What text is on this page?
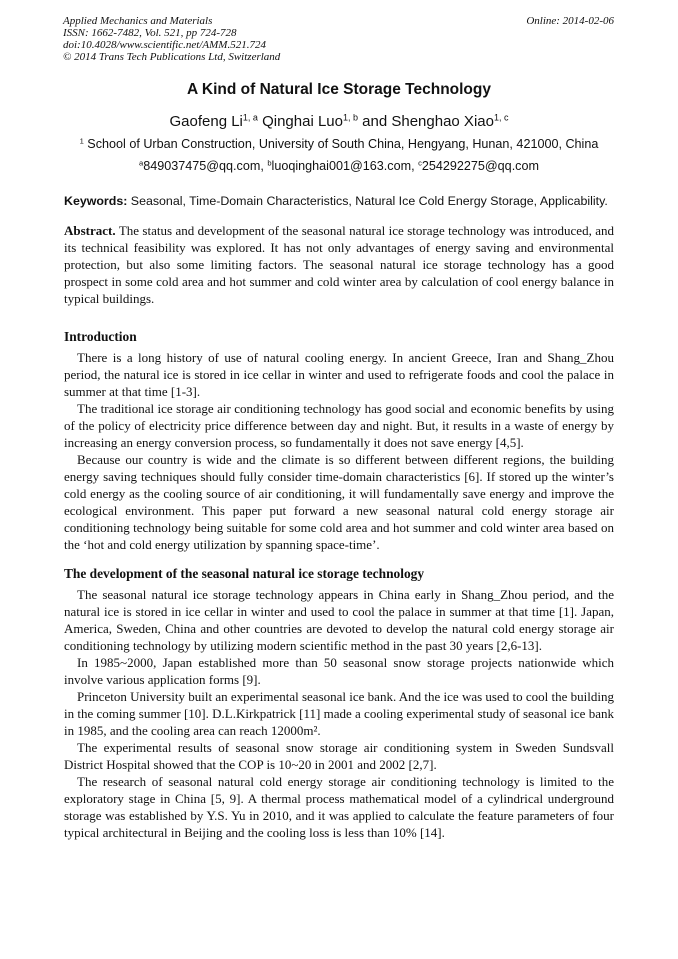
Applied Mechanics and Materials
ISSN: 1662-7482, Vol. 521, pp 724-728
doi:10.4028/www.scientific.net/AMM.521.724
© 2014 Trans Tech Publications Ltd, Switzerland
Online: 2014-02-06
A Kind of Natural Ice Storage Technology
Gaofeng Li$^{1, a}$ Qinghai Luo$^{1, b}$ and Shenghao Xiao$^{1, c}$
$^1$ School of Urban Construction, University of South China, Hengyang, Hunan, 421000, China
$^a$849037475@qq.com, $^b$luoqinghai001@163.com, $^c$254292275@qq.com
Keywords: Seasonal, Time-Domain Characteristics, Natural Ice Cold Energy Storage, Applicability.

Abstract. The status and development of the seasonal natural ice storage technology was introduced, and its technical feasibility was explored. It has not only advantages of energy saving and environmental protection, but also some limiting factors. The seasonal natural ice storage technology has a good prospect in some cold area and hot summer and cold winter area by calculation of cool energy balance in typical buildings.

Introduction

There is a long history of use of natural cooling energy. In ancient Greece, Iran and Shang_Zhou period, the natural ice is stored in ice cellar in winter and used to refrigerate foods and cool the palace in summer at that time [1-3].

The traditional ice storage air conditioning technology has good social and economic benefits by using of the policy of electricity price difference between day and night. But, it results in a waste of energy by increasing an energy conversion process, so fundamentally it does not save energy [4,5].

Because our country is wide and the climate is so different between different regions, the building energy saving techniques should fully consider time-domain characteristics [6]. If stored up the winter’s cold energy as the cooling source of air conditioning, it will fundamentally save energy and improve the ecological environment. This paper put forward a new seasonal natural cold energy storage air conditioning technology being suitable for some cold area and hot summer and cold winter area based on the ‘hot and cold energy utilization by spanning space-time’.

The development of the seasonal natural ice storage technology

The seasonal natural ice storage technology appears in China early in Shang_Zhou period, and the natural ice is stored in ice cellar in winter and used to cool the palace in summer at that time [1]. Japan, America, Sweden, China and other countries are devoted to develop the natural cold energy storage air conditioning technology by utilizing modern scientific method in the past 30 years [2,6-13].

In 1985~2000, Japan established more than 50 seasonal snow storage projects nationwide which involve various application forms [9].

Princeton University built an experimental seasonal ice bank. And the ice was used to cool the building in the coming summer [10]. D.L.Kirkpatrick [11] made a cooling experimental study of seasonal ice bank in 1985, and the cooling area can reach 12000m².

The experimental results of seasonal snow storage air conditioning system in Sweden Sundsvall District Hospital showed that the COP is 10~20 in 2001 and 2002 [2,7].

The research of seasonal natural cold energy storage air conditioning technology is limited to the exploratory stage in China [5, 9]. A thermal process mathematical model of a cylindrical underground storage was established by Y.S. Yu in 2010, and it was applied to calculate the feature parameters of four typical architectural in Beijing and the cooling loss is less than 10% [14].
